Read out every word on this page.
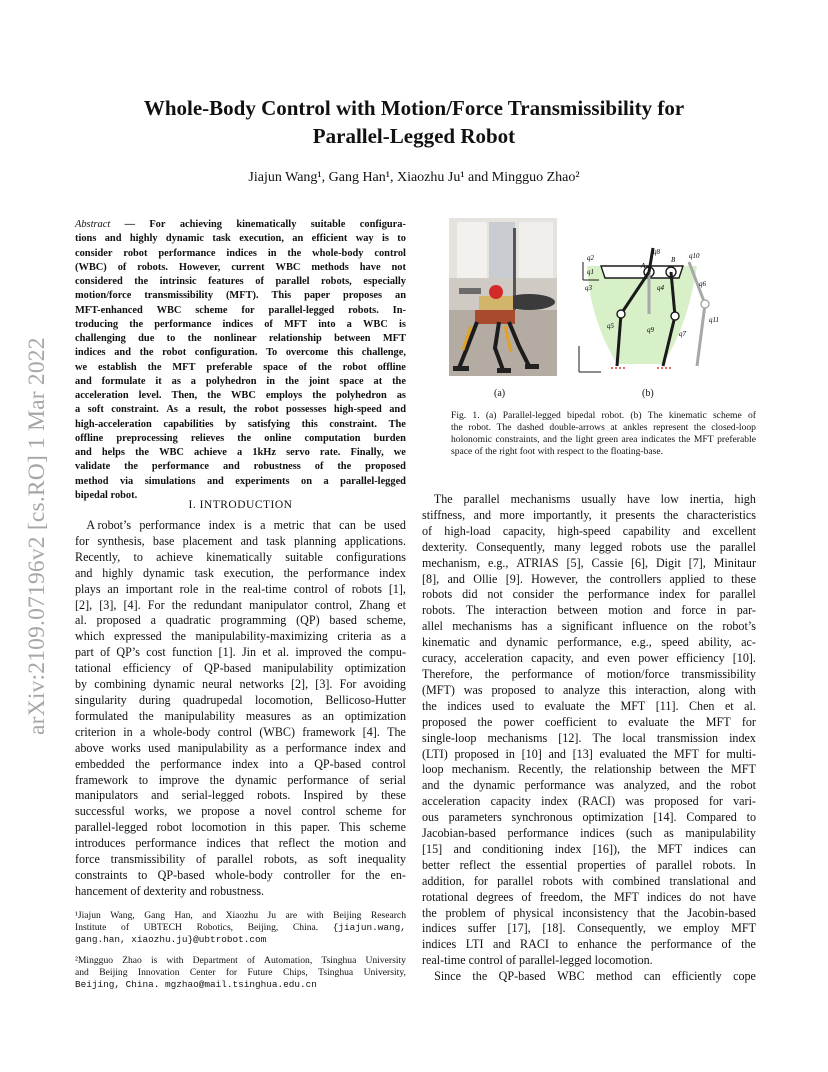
arXiv:2109.07196v2 [cs.RO] 1 Mar 2022
Whole-Body Control with Motion/Force Transmissibility for
Parallel-Legged Robot
Jiajun Wang¹, Gang Han¹, Xiaozhu Ju¹ and Mingguo Zhao²
Abstract — For achieving kinematically suitable configura-
tions and highly dynamic task execution, an efficient way is to
consider robot performance indices in the whole-body control
(WBC) of robots. However, current WBC methods have not
considered the intrinsic features of parallel robots, especially
motion/force transmissibility (MFT). This paper proposes an
MFT-enhanced WBC scheme for parallel-legged robots. In-
troducing the performance indices of MFT into a WBC is
challenging due to the nonlinear relationship between MFT
indices and the robot configuration. To overcome this challenge,
we establish the MFT preferable space of the robot offline
and formulate it as a polyhedron in the joint space at the
acceleration level. Then, the WBC employs the polyhedron as
a soft constraint. As a result, the robot possesses high-speed and
high-acceleration capabilities by satisfying this constraint. The
offline preprocessing relieves the online computation burden
and helps the WBC achieve a 1kHz servo rate. Finally, we
validate the performance and robustness of the proposed
method via simulations and experiments on a parallel-legged
bipedal robot.
I. INTRODUCTION
A robot’s performance index is a metric that can be used
for synthesis, base placement and task planning applications.
Recently, to achieve kinematically suitable configurations
and highly dynamic task execution, the performance index
plays an important role in the real-time control of robots [1],
[2], [3], [4]. For the redundant manipulator control, Zhang et
al. proposed a quadratic programming (QP) based scheme,
which expressed the manipulability-maximizing criteria as a
part of QP’s cost function [1]. Jin et al. improved the compu-
tational efficiency of QP-based manipulability optimization
by combining dynamic neural networks [2], [3]. For avoiding
singularity during quadrupedal locomotion, Bellicoso-Hutter
formulated the manipulability measures as an optimization
criterion in a whole-body control (WBC) framework [4]. The
above works used manipulability as a performance index and
embedded the performance index into a QP-based control
framework to improve the dynamic performance of serial
manipulators and serial-legged robots. Inspired by these
successful works, we propose a novel control scheme for
parallel-legged robot locomotion in this paper. This scheme
introduces performance indices that reflect the motion and
force transmissibility of parallel robots, as soft inequality
constraints to QP-based whole-body controller for the en-
hancement of dexterity and robustness.
¹Jiajun Wang, Gang Han, and Xiaozhu Ju are with Beijing Research
Institute of UBTECH Robotics, Beijing, China. {jiajun.wang,
gang.han, xiaozhu.ju}@ubtrobot.com
²Mingguo Zhao is with Department of Automation, Tsinghua University
and Beijing Innovation Center for Future Chips, Tsinghua University,
Beijing, China. mgzhao@mail.tsinghua.edu.cn
q1
q2
q3	q4
q5
q6
q7
q8
q9
q10
q11
A
B
(a)	(b)
Fig. 1. (a) Parallel-legged bipedal robot. (b) The kinematic scheme of
the robot. The dashed double-arrows at ankles represent the closed-loop
holonomic constraints, and the light green area indicates the MFT preferable
space of the right foot with respect to the floating-base.
The parallel mechanisms usually have low inertia, high
stiffness, and more importantly, it presents the characteristics
of high-load capacity, high-speed capability and excellent
dexterity. Consequently, many legged robots use the parallel
mechanism, e.g., ATRIAS [5], Cassie [6], Digit [7], Minitaur
[8], and Ollie [9]. However, the controllers applied to these
robots did not consider the performance index for parallel
robots. The interaction between motion and force in par-
allel mechanisms has a significant influence on the robot’s
kinematic and dynamic performance, e.g., speed ability, ac-
curacy, acceleration capacity, and even power efficiency [10].
Therefore, the performance of motion/force transmissibility
(MFT) was proposed to analyze this interaction, along with
the indices used to evaluate the MFT [11]. Chen et al.
proposed the power coefficient to evaluate the MFT for
single-loop mechanisms [12]. The local transmission index
(LTI) proposed in [10] and [13] evaluated the MFT for multi-
loop mechanism. Recently, the relationship between the MFT
and the dynamic performance was analyzed, and the robot
acceleration capacity index (RACI) was proposed for vari-
ous parameters synchronous optimization [14]. Compared to
Jacobian-based performance indices (such as manipulability
[15] and conditioning index [16]), the MFT indices can
better reflect the essential properties of parallel robots. In
addition, for parallel robots with combined translational and
rotational degrees of freedom, the MFT indices do not have
the problem of physical inconsistency that the Jacobin-based
indices suffer [17], [18]. Consequently, we employ MFT
indices LTI and RACI to enhance the performance of the
real-time control of parallel-legged locomotion.
Since the QP-based WBC method can efficiently cope
